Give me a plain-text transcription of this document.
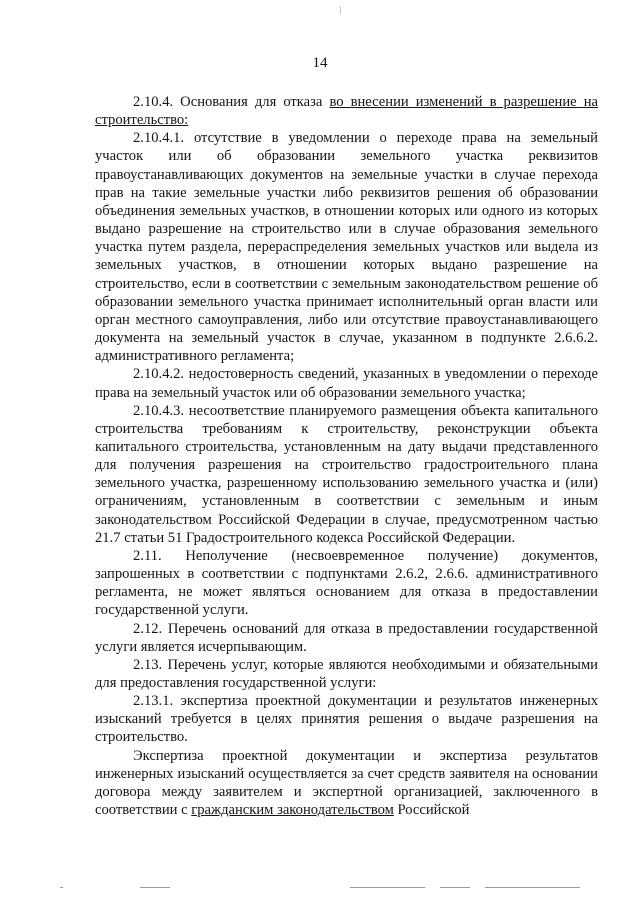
14

2.10.4. Основания для отказа во внесении изменений в разрешение на строительство:

2.10.4.1. отсутствие в уведомлении о переходе права на земельный участок или об образовании земельного участка реквизитов правоустанавливающих документов на земельные участки в случае перехода прав на такие земельные участки либо реквизитов решения об образовании объединения земельных участков, в отношении которых или одного из которых выдано разрешение на строительство или в случае образования земельного участка путем раздела, перераспределения земельных участков или выдела из земельных участков, в отношении которых выдано разрешение на строительство, если в соответствии с земельным законодательством решение об образовании земельного участка принимает исполнительный орган власти или орган местного самоуправления, либо или отсутствие правоустанавливающего документа на земельный участок в случае, указанном в подпункте 2.6.6.2. административного регламента;

2.10.4.2. недостоверность сведений, указанных в уведомлении о переходе права на земельный участок или об образовании земельного участка;

2.10.4.3. несоответствие планируемого размещения объекта капитального строительства требованиям к строительству, реконструкции объекта капитального строительства, установленным на дату выдачи представленного для получения разрешения на строительство градостроительного плана земельного участка, разрешенному использованию земельного участка и (или) ограничениям, установленным в соответствии с земельным и иным законодательством Российской Федерации в случае, предусмотренном частью 21.7 статьи 51 Градостроительного кодекса Российской Федерации.

2.11. Неполучение (несвоевременное получение) документов, запрошенных в соответствии с подпунктами 2.6.2, 2.6.6. административного регламента, не может являться основанием для отказа в предоставлении государственной услуги.

2.12. Перечень оснований для отказа в предоставлении государственной услуги является исчерпывающим.

2.13. Перечень услуг, которые являются необходимыми и обязательными для предоставления государственной услуги:

2.13.1. экспертиза проектной документации и результатов инженерных изысканий требуется в целях принятия решения о выдаче разрешения на строительство.

Экспертиза проектной документации и экспертиза результатов инженерных изысканий осуществляется за счет средств заявителя на основании договора между заявителем и экспертной организацией, заключенного в соответствии с гражданским законодательством Российской
